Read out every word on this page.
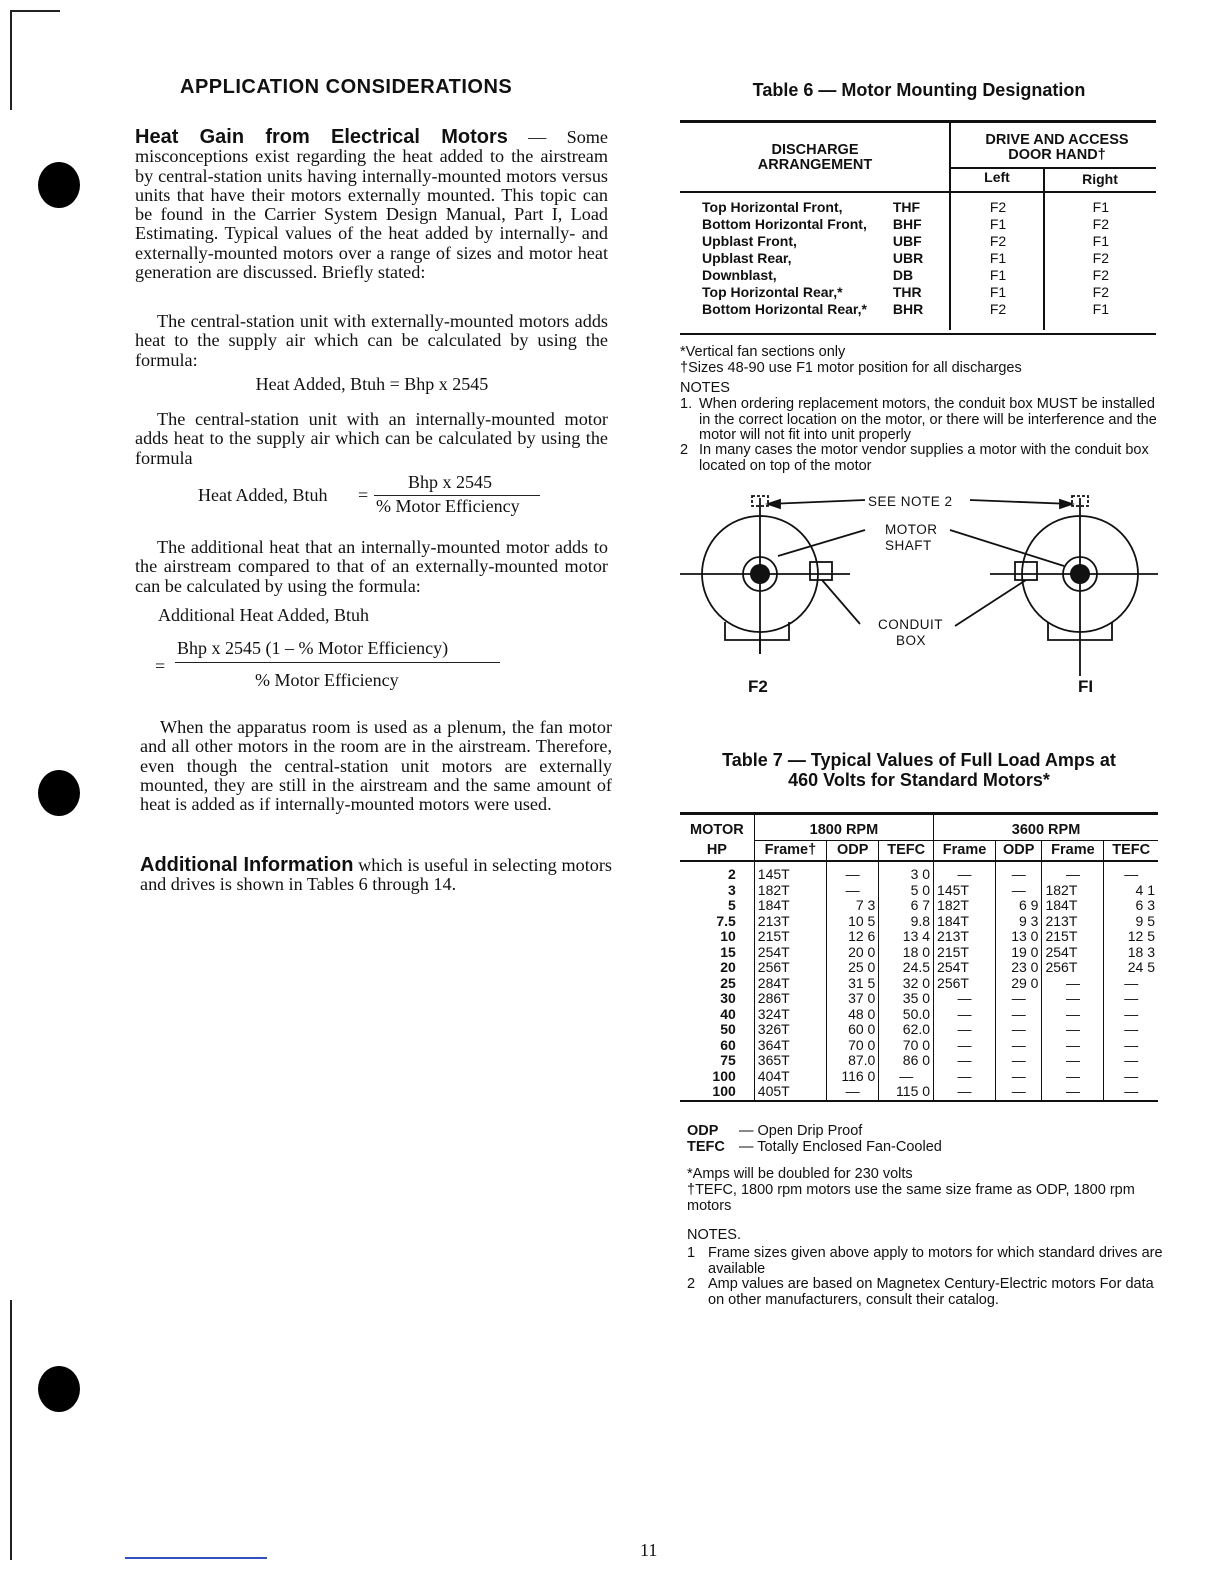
APPLICATION CONSIDERATIONS
Heat Gain from Electrical Motors — Some misconceptions exist regarding the heat added to the airstream by central-station units having internally-mounted motors versus units that have their motors externally mounted. This topic can be found in the Carrier System Design Manual, Part I, Load Estimating. Typical values of the heat added by internally- and externally-mounted motors over a range of sizes and motor heat generation are discussed. Briefly stated:
The central-station unit with externally-mounted motors adds heat to the supply air which can be calculated by using the formula:
Heat Added, Btuh = Bhp x 2545
The central-station unit with an internally-mounted motor adds heat to the supply air which can be calculated by using the formula
Heat Added, Btuh =
Bhp x 2545
% Motor Efficiency
The additional heat that an internally-mounted motor adds to the airstream compared to that of an externally-mounted motor can be calculated by using the formula:
Additional Heat Added, Btuh
=
Bhp x 2545 (1 – % Motor Efficiency)
% Motor Efficiency
When the apparatus room is used as a plenum, the fan motor and all other motors in the room are in the airstream. Therefore, even though the central-station unit motors are externally mounted, they are still in the airstream and the same amount of heat is added as if internally-mounted motors were used.
Additional Information which is useful in selecting motors and drives is shown in Tables 6 through 14.
Table 6 — Motor Mounting Designation
DISCHARGE ARRANGEMENT
DRIVE AND ACCESS DOOR HAND†
Left	Right
Top Horizontal Front,	THF	F2	F1
Bottom Horizontal Front,	BHF	F1	F2
Upblast Front,	UBF	F2	F1
Upblast Rear,	UBR	F1	F2
Downblast,	DB	F1	F2
Top Horizontal Rear,*	THR	F1	F2
Bottom Horizontal Rear,*	BHR	F2	F1
*Vertical fan sections only
†Sizes 48-90 use F1 motor position for all discharges
NOTES
1. When ordering replacement motors, the conduit box MUST be installed in the correct location on the motor, or there will be interference and the motor will not fit into unit properly
2 In many cases the motor vendor supplies a motor with the conduit box located on top of the motor
SEE NOTE 2
MOTOR
SHAFT
CONDUIT
BOX
F2	FI
Table 7 — Typical Values of Full Load Amps at
460 Volts for Standard Motors*
MOTOR	1800 RPM			3600 RPM			
HP	Frame†	ODP	TEFC	Frame	ODP	Frame	TEFC
2	145T	—	3 0	—	—	—	—
3	182T	—	5 0	145T	—	182T	4 1
5	184T	7 3	6 7	182T	6 9	184T	6 3
7.5	213T	10 5	9.8	184T	9 3	213T	9 5
10	215T	12 6	13 4	213T	13 0	215T	12 5
15	254T	20 0	18 0	215T	19 0	254T	18 3
20	256T	25 0	24.5	254T	23 0	256T	24 5
25	284T	31 5	32 0	256T	29 0	—	—
30	286T	37 0	35 0	—	—	—	—
40	324T	48 0	50.0	—	—	—	—
50	326T	60 0	62.0	—	—	—	—
60	364T	70 0	70 0	—	—	—	—
75	365T	87.0	86 0	—	—	—	—
100	404T	116 0	—	—	—	—	—
100	405T	—	115 0	—	—	—	—
ODP — Open Drip Proof
TEFC — Totally Enclosed Fan-Cooled
*Amps will be doubled for 230 volts
†TEFC, 1800 rpm motors use the same size frame as ODP, 1800 rpm motors
NOTES.
1 Frame sizes given above apply to motors for which standard drives are available
2 Amp values are based on Magnetex Century-Electric motors For data on other manufacturers, consult their catalog.
11
